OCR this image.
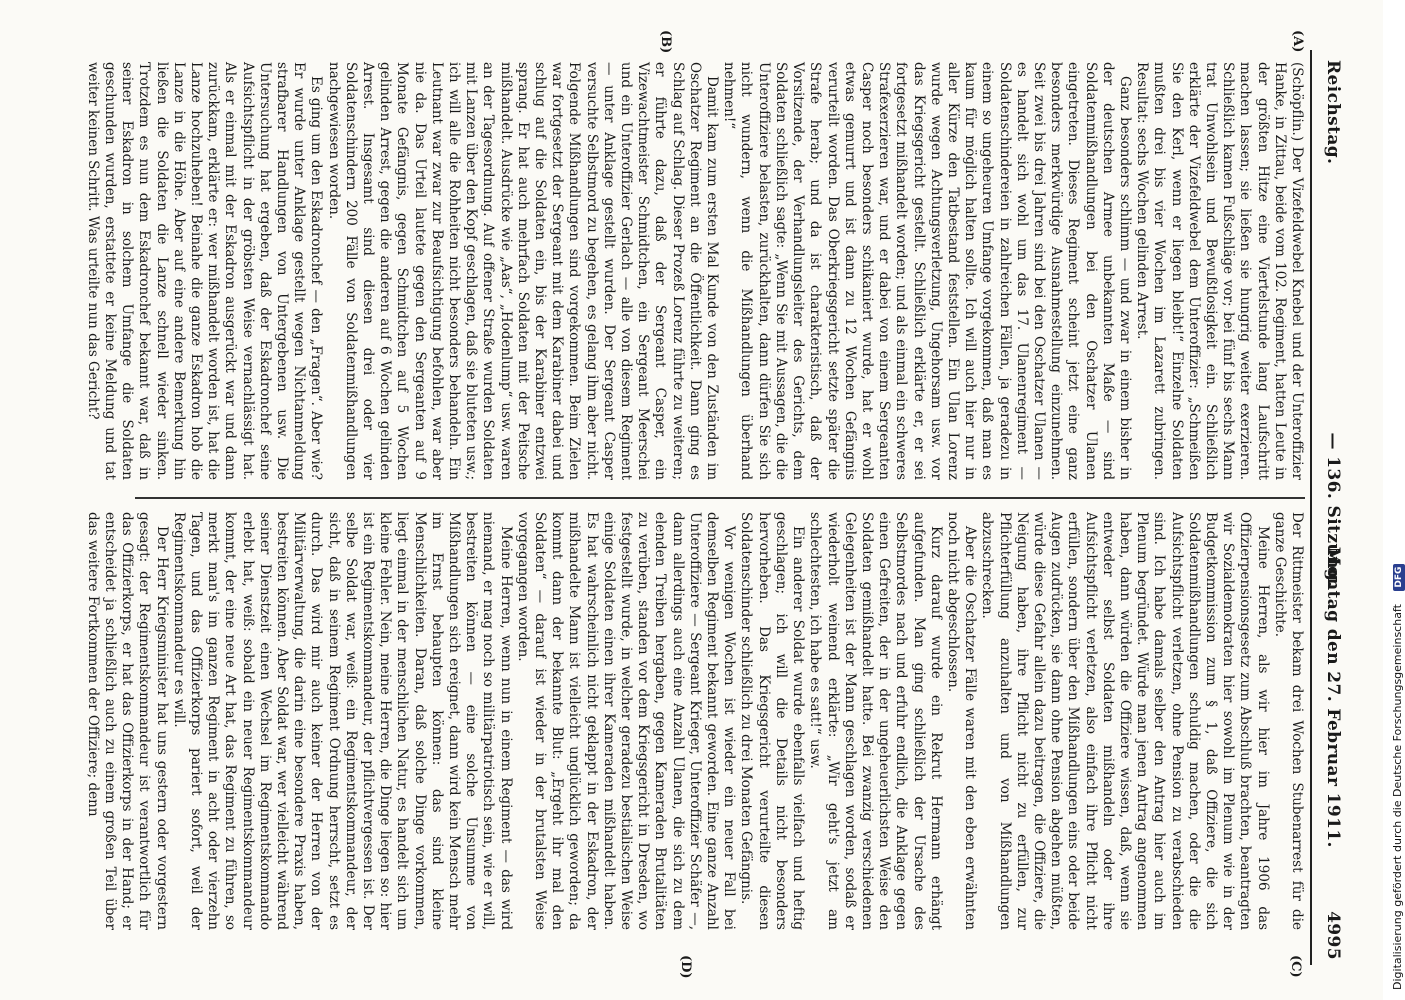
Reichstag.
— 136. Sitzung.
Montag den 27. Februar 1911.          4995
(A)
(B)
(C)
(D)

(Schöpflin.) Der Vizefeldwebel Knebel und der Unteroffizier Hanke, in Zittau, beide vom 102. Regiment, hatten Leute in der größten Hitze eine Viertelstunde lang Laufschritt machen lassen; sie ließen sie hungrig weiter exerzieren. Schließlich kamen Fußschläge vor; bei fünf bis sechs Mann trat Unwohlsein und Bewußtlosigkeit ein. Schließlich erklärte der Vizefeldwebel dem Unteroffizier: „Schmeißen Sie den Kerl, wenn er liegen bleibt!“ Einzelne Soldaten mußten drei bis vier Wochen im Lazarett zubringen. Resultat: sechs Wochen gelinden Arrest.

Ganz besonders schlimm — und zwar in einem bisher in der deutschen Armee unbekannten Maße — sind Soldatenmißhandlungen bei den Oschatzer Ulanen eingetreten. Dieses Regiment scheint jetzt eine ganz besonders merkwürdige Ausnahmestellung einzunehmen. Seit zwei bis drei Jahren sind bei den Oschatzer Ulanen — es handelt sich wohl um das 17. Ulanenregiment — Soldatenschindereien in zahlreichen Fällen, ja geradezu in einem so ungeheuren Umfange vorgekommen, daß man es kaum für möglich halten sollte. Ich will auch hier nur in aller Kürze den Tatbestand feststellen. Ein Ulan Lorenz wurde wegen Achtungsverletzung, Ungehorsam usw. vor das Kriegsgericht gestellt. Schließlich erklärte er, er sei fortgesetzt mißhandelt worden; und als einmal ein schweres Strafexerzieren war, und er dabei von einem Sergeanten Casper noch besonders schikaniert wurde, hat er wohl etwas gemurrt und ist dann zu 12 Wochen Gefängnis verurteilt worden. Das Oberkriegsgericht setzte später die Strafe herab; und da ist charakteristisch, daß der Vorsitzende, der Verhandlungsleiter des Gerichts, dem Soldaten schließlich sagte: „Wenn Sie mit Aussagen, die die Unteroffiziere belasten, zurückhalten, dann dürfen Sie sich nicht wundern, wenn die Mißhandlungen überhand nehmen!“

Damit kam zum ersten Mal Kunde von den Zuständen im Oschatzer Regiment an die Öffentlichkeit. Dann ging es Schlag auf Schlag. Dieser Prozeß Lorenz führte zu weiteren; er führte dazu, daß der Sergeant Casper, ein Vizewachtmeister Schmidtchen, ein Sergeant Meerschei und ein Unteroffizier Gerlach — alle von diesem Regiment — unter Anklage gestellt wurden. Der Sergeant Casper versuchte Selbstmord zu begehen, es gelang ihm aber nicht. Folgende Mißhandlungen sind vorgekommen. Beim Zielen war fortgesetzt der Sergeant mit dem Karabiner dabei und schlug auf die Soldaten ein, bis der Karabiner entzwei sprang. Er hat auch mehrfach Soldaten mit der Peitsche mißhandelt. Ausdrücke wie „Aas“, „Hodenlump“ usw. waren an der Tagesordnung. Auf offener Straße wurden Soldaten mit Lanzen über den Kopf geschlagen, daß sie bluteten usw.; ich will alle die Rohheiten nicht besonders behandeln. Ein Leutnant war zwar zur Beaufsichtigung befohlen, war aber nie da. Das Urteil lautete gegen den Sergeanten auf 9 Monate Gefängnis, gegen Schmidtchen auf 5 Wochen gelinden Arrest, gegen die anderen auf 6 Wochen gelinden Arrest. Insgesamt sind diesen drei oder vier Soldatenschindern 200 Fälle von Soldatenmißhandlungen nachgewiesen worden.

Es ging um den Eskadronchef — den „Fragen“. Aber wie? Er wurde unter Anklage gestellt wegen Nichtanmeldung strafbarer Handlungen von Untergebenen usw. Die Untersuchung hat ergeben, daß der Eskadronchef seine Aufsichtspflicht in der gröbsten Weise vernachlässigt hat. Als er einmal mit der Eskadron ausgerückt war und dann zurückkam, erklärte er: wer mißhandelt worden ist, hat die Lanze hochzuheben! Beinahe die ganze Eskadron hob die Lanze in die Höhe. Aber auf eine andere Bemerkung hin ließen die Soldaten die Lanze schnell wieder sinken. Trotzdem es nun dem Eskadronchef bekannt war, daß in seiner Eskadron in solchem Umfange die Soldaten geschunden wurden, erstattete er keine Meldung und tat weiter keinen Schritt. Was urteilte nun das Gericht?

Der Rittmeister bekam drei Wochen Stubenarrest für die ganze Geschichte.

Meine Herren, als wir hier im Jahre 1906 das Offizierpensionsgesetz zum Abschluß brachten, beantragten wir Sozialdemokraten hier sowohl im Plenum wie in der Budgetkommission zum § 1, daß Offiziere, die sich Soldatenmißhandlungen schuldig machen, oder die die Aufsichtspflicht verletzen, ohne Pension zu verabschieden sind. Ich habe damals selber den Antrag hier auch im Plenum begründet. Würde man jenen Antrag angenommen haben, dann würden die Offiziere wissen, daß, wenn sie entweder selbst Soldaten mißhandeln oder ihre Aufsichtspflicht verletzen, also einfach ihre Pflicht nicht erfüllen, sondern über den Mißhandlungen eins oder beide Augen zudrücken, sie dann ohne Pension abgehen müßten, würde diese Gefahr allein dazu beitragen, die Offiziere, die Neigung haben, ihre Pflicht nicht zu erfüllen, zur Pflichterfüllung anzuhalten und von Mißhandlungen abzuschrecken.

Aber die Oschatzer Fälle waren mit den eben erwähnten noch nicht abgeschlossen.

Kurz darauf wurde ein Rekrut Hermann erhängt aufgefunden. Man ging schließlich der Ursache des Selbstmordes nach und erfuhr endlich, die Anklage gegen einen Gefreiten, der in der ungeheuerlichsten Weise den Soldaten gemißhandelt hatte. Bei zwanzig verschiedenen Gelegenheiten ist der Mann geschlagen worden, sodaß er wiederholt weinend erklärte: „Wir geht's jetzt am schlechtesten, ich habe es satt!“ usw.

Ein anderer Soldat wurde ebenfalls vielfach und heftig geschlagen; ich will die Details nicht besonders hervorheben. Das Kriegsgericht verurteilte diesen Soldatenschinder schließlich zu drei Monaten Gefängnis.

Vor wenigen Wochen ist wieder ein neuer Fall bei demselben Regiment bekannt geworden. Eine ganze Anzahl Unteroffiziere — Sergeant Krieger, Unteroffizier Schäfer —, dann allerdings auch eine Anzahl Ulanen, die sich zu dem elenden Treiben hergaben, gegen Kameraden Brutalitäten zu verüben, standen vor dem Kriegsgericht in Dresden, wo festgestellt wurde, in welcher geradezu bestialischen Weise einige Soldaten einen ihrer Kameraden mißhandelt haben. Es hat wahrscheinlich nicht geklappt in der Eskadron, der mißhandelte Mann ist vielleicht unglücklich geworden; da kommt dann der bekannte Blut: „Ergeht ihr mal den Soldaten“ — darauf ist wieder in der brutalsten Weise vorgegangen worden.

Meine Herren, wenn nun in einem Regiment — das wird niemand, er mag noch so militärpatriotisch sein, wie er will, bestreiten können — eine solche Unsumme von Mißhandlungen sich ereignet, dann wird kein Mensch mehr im Ernst behaupten können: das sind kleine Menschlichkeiten. Daran, daß solche Dinge vorkommen, liegt einmal in der menschlichen Natur, es handelt sich um kleine Fehler. Nein, meine Herren, die Dinge liegen so: hier ist ein Regimentskommandeur, der pflichtvergessen ist. Der selbe Soldat war, weiß: ein Regimentskommandeur, der sicht, daß in seinem Regiment Ordnung herrscht, setzt es durch. Das wird mir auch keiner der Herren von der Militärverwaltung, die darin eine besondere Praxis haben, bestreiten können. Aber Soldat war, wer vielleicht während seiner Dienstzeit einen Wechsel im Regimentskommando erlebt hat, weiß: sobald ein neuer Regimentskommandeur kommt, der eine neue Art hat, das Regiment zu führen, so merkt man's im ganzen Regiment in acht oder vierzehn Tagen, und das Offizierkorps pariert sofort, weil der Regimentskommandeur es will.

Der Herr Kriegsminister hat uns gestern oder vorgestern gesagt: der Regimentskommandeur ist verantwortlich für das Offizierkorps, er hat das Offizierkorps in der Hand; er entscheidet ja schließlich auch zu einem großen Teil über das weitere Fortkommen der Offiziere; denn	Digitalisierung gefördert durch die Deutsche Forschungsgemeinschaft DFG
